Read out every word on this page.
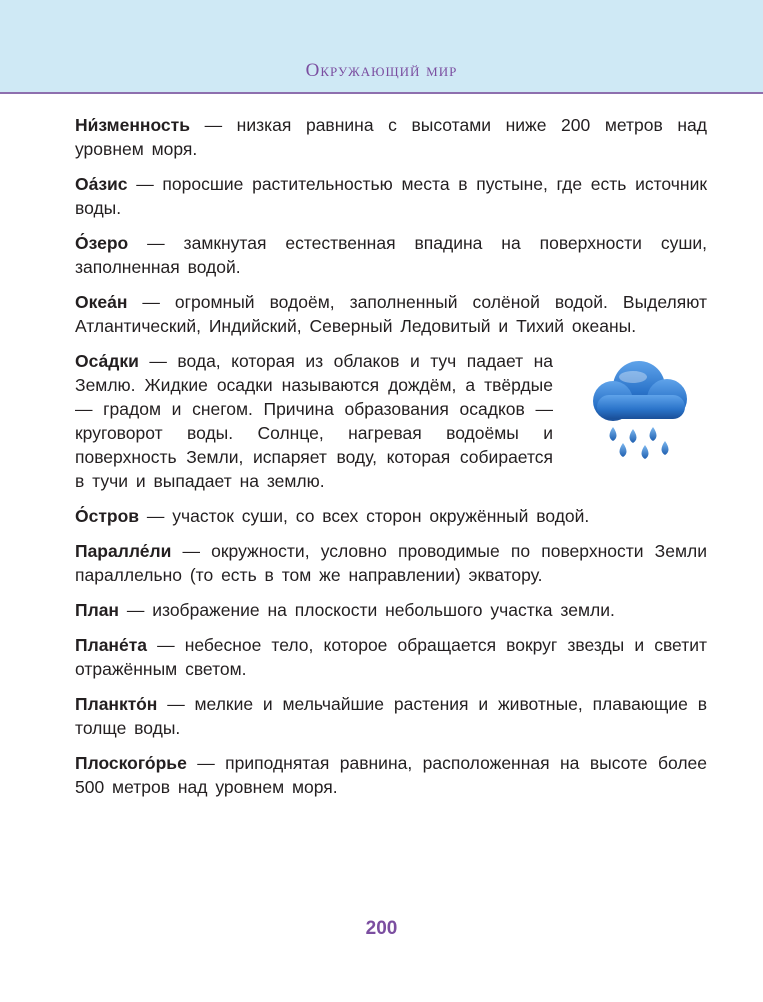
Окружающий мир

Ни́зменность — низкая равнина с высотами ниже 200 метров над уровнем моря.

Оа́зис — поросшие растительностью места в пустыне, где есть источник воды.

О́зеро — замкнутая естественная впадина на поверхности суши, заполненная водой.

Океа́н — огромный водоём, заполненный солёной водой. Выделяют Атлантический, Индийский, Северный Ледовитый и Тихий океаны.

Оса́дки — вода, которая из облаков и туч падает на Землю. Жидкие осадки называются дождём, а твёрдые — градом и снегом. Причина образования осадков — круговорот воды. Солнце, нагревая водоёмы и поверхность Земли, испаряет воду, которая собирается в тучи и выпадает на землю.

О́стров — участок суши, со всех сторон окружённый водой.

Паралле́ли — окружности, условно проводимые по поверхности Земли параллельно (то есть в том же направлении) экватору.

План — изображение на плоскости небольшого участка земли.

Плане́та — небесное тело, которое обращается вокруг звезды и светит отражённым светом.

Планкто́н — мелкие и мельчайшие растения и животные, плавающие в толще воды.

Плоского́рье — приподнятая равнина, расположенная на высоте более 500 метров над уровнем моря.

200
